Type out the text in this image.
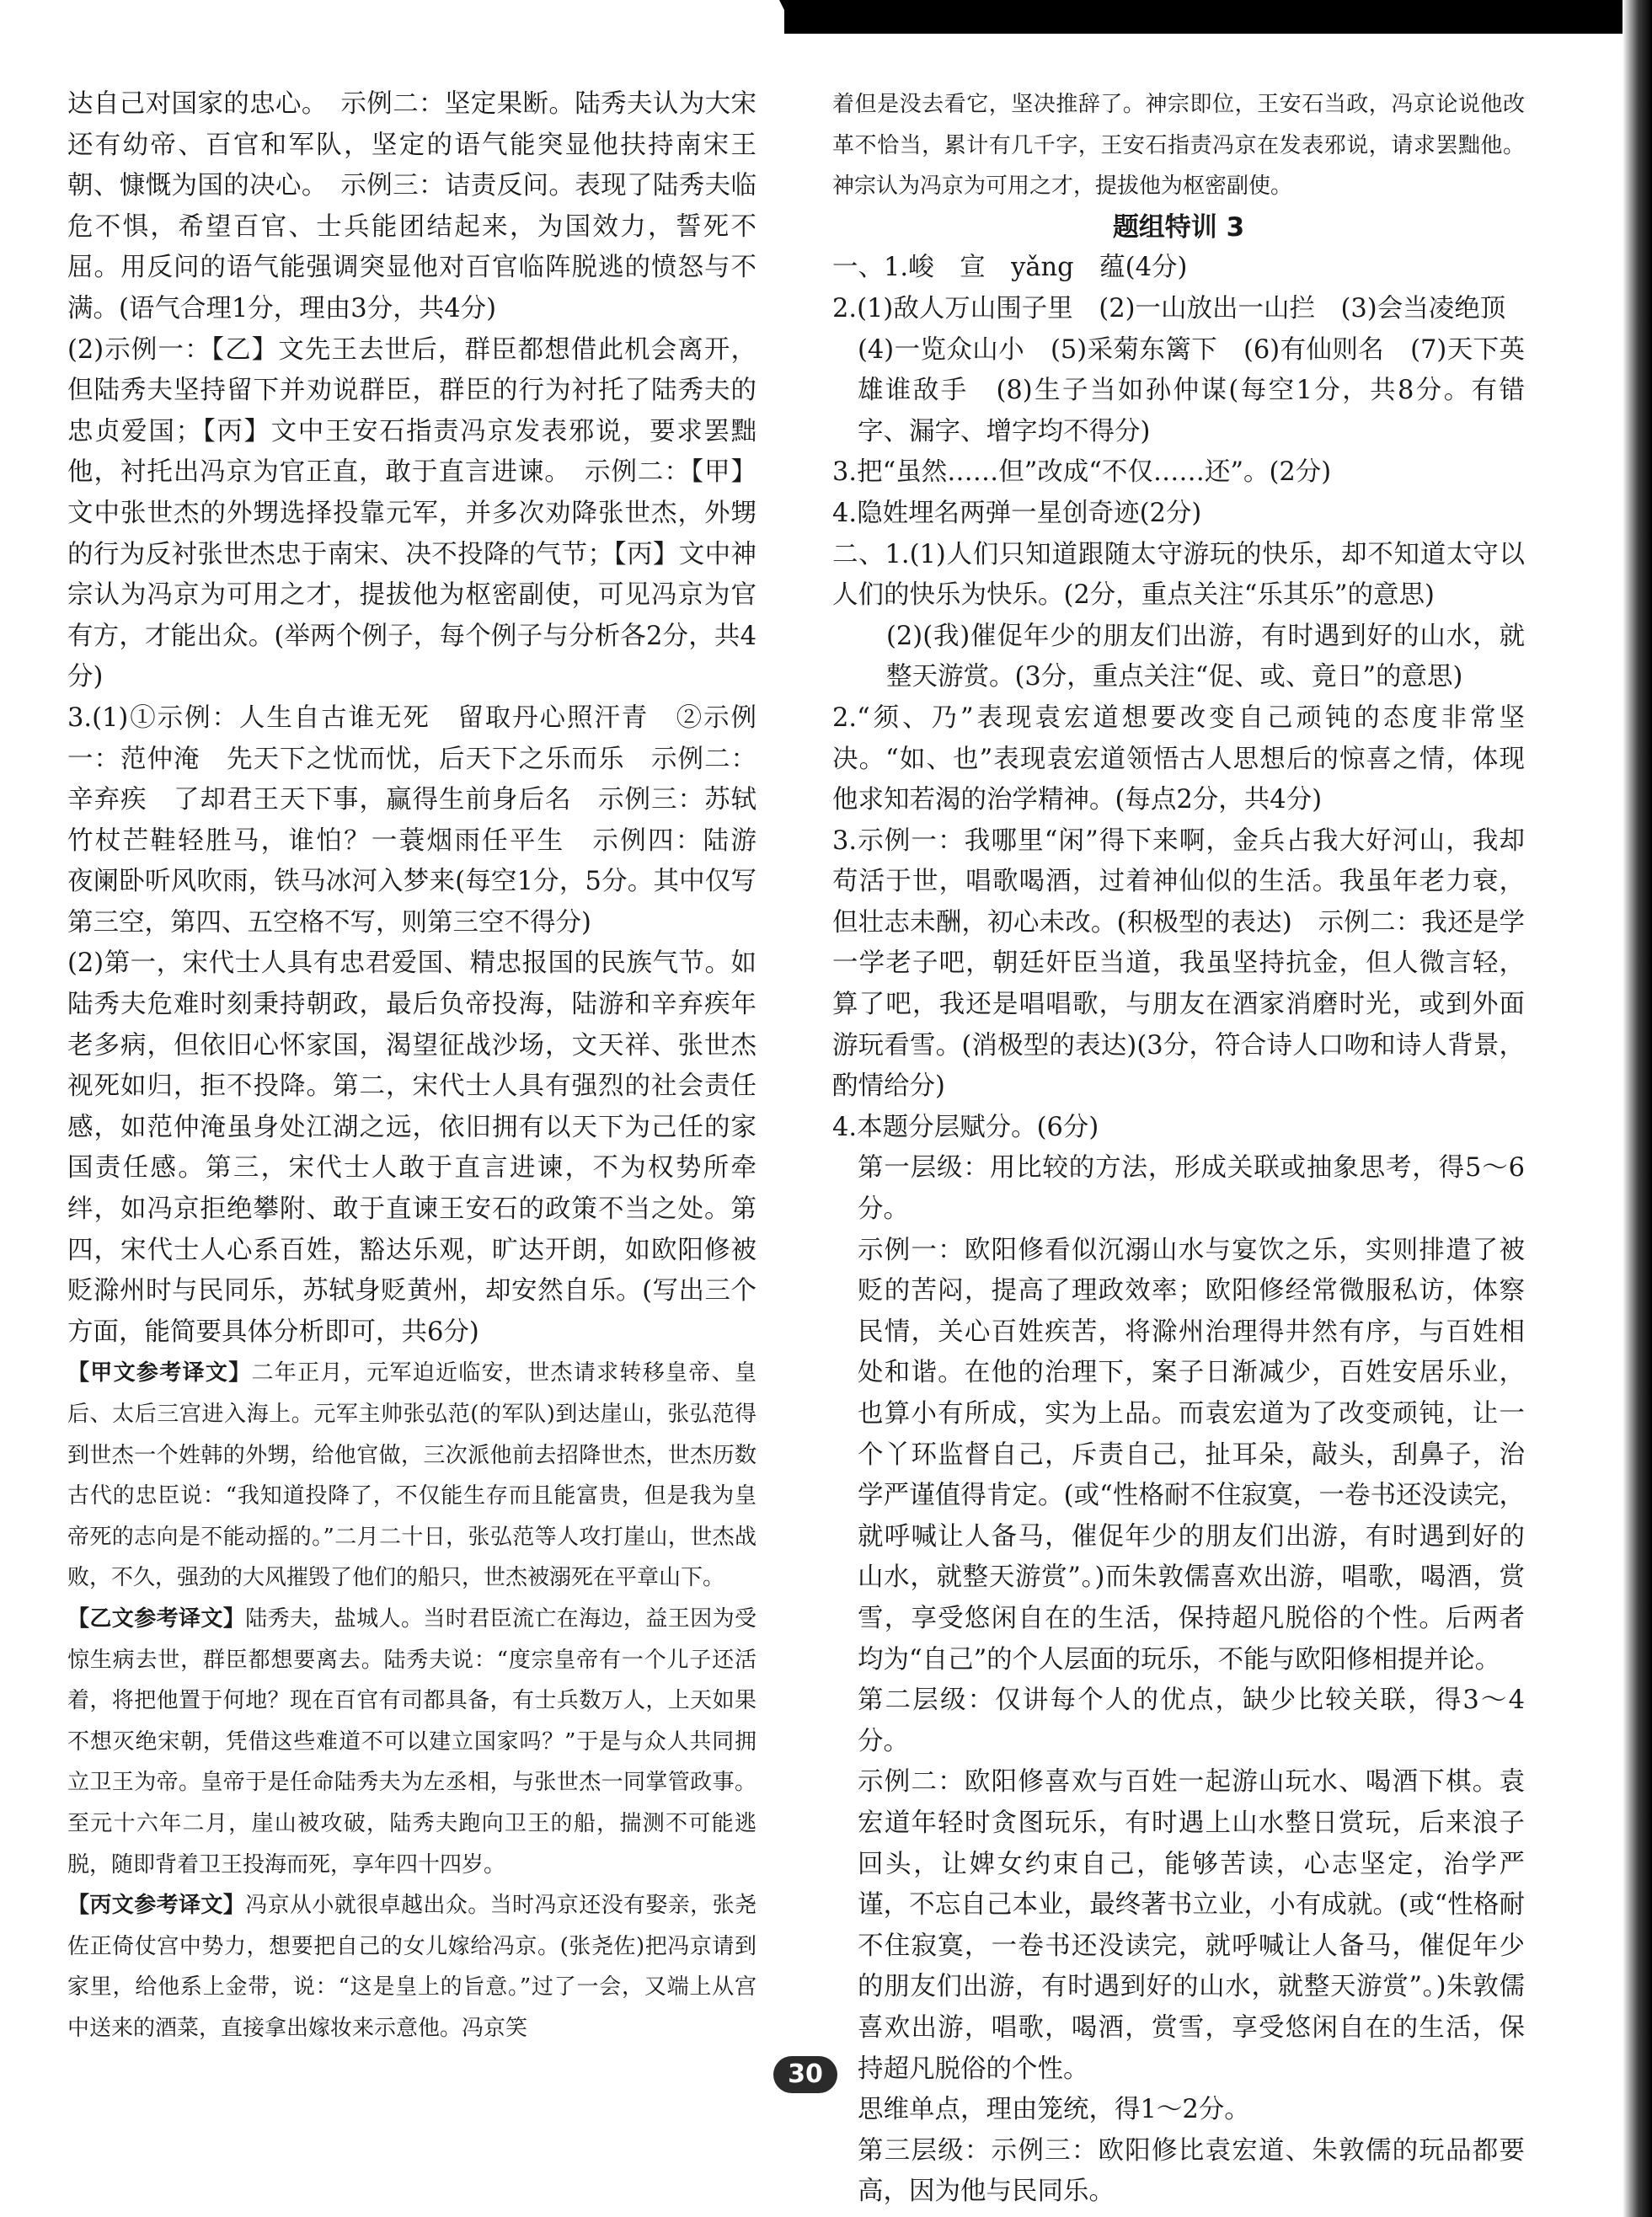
达自己对国家的忠心。　示例二：坚定果断。陆秀夫认为大宋还有幼帝、百官和军队，坚定的语气能突显他扶持南宋王朝、慷慨为国的决心。　示例三：诘责反问。表现了陆秀夫临危不惧，希望百官、士兵能团结起来，为国效力，誓死不屈。用反问的语气能强调突显他对百官临阵脱逃的愤怒与不满。(语气合理1分，理由3分，共4分)

(2)示例一：【乙】文先王去世后，群臣都想借此机会离开，但陆秀夫坚持留下并劝说群臣，群臣的行为衬托了陆秀夫的忠贞爱国；【丙】文中王安石指责冯京发表邪说，要求罢黜他，衬托出冯京为官正直，敢于直言进谏。　示例二：【甲】文中张世杰的外甥选择投靠元军，并多次劝降张世杰，外甥的行为反衬张世杰忠于南宋、决不投降的气节；【丙】文中神宗认为冯京为可用之才，提拔他为枢密副使，可见冯京为官有方，才能出众。(举两个例子，每个例子与分析各2分，共4分)

3.(1)①示例：人生自古谁无死　留取丹心照汗青　②示例一：范仲淹　先天下之忧而忧，后天下之乐而乐　示例二：辛弃疾　了却君王天下事，赢得生前身后名　示例三：苏轼　竹杖芒鞋轻胜马，谁怕？一蓑烟雨任平生　示例四：陆游　夜阑卧听风吹雨，铁马冰河入梦来(每空1分，5分。其中仅写第三空，第四、五空格不写，则第三空不得分)

(2)第一，宋代士人具有忠君爱国、精忠报国的民族气节。如陆秀夫危难时刻秉持朝政，最后负帝投海，陆游和辛弃疾年老多病，但依旧心怀家国，渴望征战沙场，文天祥、张世杰视死如归，拒不投降。第二，宋代士人具有强烈的社会责任感，如范仲淹虽身处江湖之远，依旧拥有以天下为己任的家国责任感。第三，宋代士人敢于直言进谏，不为权势所牵绊，如冯京拒绝攀附、敢于直谏王安石的政策不当之处。第四，宋代士人心系百姓，豁达乐观，旷达开朗，如欧阳修被贬滁州时与民同乐，苏轼身贬黄州，却安然自乐。(写出三个方面，能简要具体分析即可，共6分)

【甲文参考译文】二年正月，元军迫近临安，世杰请求转移皇帝、皇后、太后三宫进入海上。元军主帅张弘范(的军队)到达崖山，张弘范得到世杰一个姓韩的外甥，给他官做，三次派他前去招降世杰，世杰历数古代的忠臣说：“我知道投降了，不仅能生存而且能富贵，但是我为皇帝死的志向是不能动摇的。”二月二十日，张弘范等人攻打崖山，世杰战败，不久，强劲的大风摧毁了他们的船只，世杰被溺死在平章山下。

【乙文参考译文】陆秀夫，盐城人。当时君臣流亡在海边，益王因为受惊生病去世，群臣都想要离去。陆秀夫说：“度宗皇帝有一个儿子还活着，将把他置于何地？现在百官有司都具备，有士兵数万人，上天如果不想灭绝宋朝，凭借这些难道不可以建立国家吗？”于是与众人共同拥立卫王为帝。皇帝于是任命陆秀夫为左丞相，与张世杰一同掌管政事。至元十六年二月，崖山被攻破，陆秀夫跑向卫王的船，揣测不可能逃脱，随即背着卫王投海而死，享年四十四岁。

【丙文参考译文】冯京从小就很卓越出众。当时冯京还没有娶亲，张尧佐正倚仗宫中势力，想要把自己的女儿嫁给冯京。(张尧佐)把冯京请到家里，给他系上金带，说：“这是皇上的旨意。”过了一会，又端上从宫中送来的酒菜，直接拿出嫁妆来示意他。冯京笑

着但是没去看它，坚决推辞了。神宗即位，王安石当政，冯京论说他改革不恰当，累计有几千字，王安石指责冯京在发表邪说，请求罢黜他。神宗认为冯京为可用之才，提拔他为枢密副使。

题组特训 3

一、1.峻　宣　yǎng　蕴(4分)

2.(1)敌人万山围子里　(2)一山放出一山拦　(3)会当凌绝顶

(4)一览众山小　(5)采菊东篱下　(6)有仙则名　(7)天下英雄谁敌手　(8)生子当如孙仲谋(每空1分，共8分。有错字、漏字、增字均不得分)

3.把“虽然……但”改成“不仅……还”。(2分)

4.隐姓埋名两弹一星创奇迹(2分)

二、1.(1)人们只知道跟随太守游玩的快乐，却不知道太守以人们的快乐为快乐。(2分，重点关注“乐其乐”的意思)

(2)(我)催促年少的朋友们出游，有时遇到好的山水，就整天游赏。(3分，重点关注“促、或、竟日”的意思)

2.“须、乃”表现袁宏道想要改变自己顽钝的态度非常坚决。“如、也”表现袁宏道领悟古人思想后的惊喜之情，体现他求知若渴的治学精神。(每点2分，共4分)

3.示例一：我哪里“闲”得下来啊，金兵占我大好河山，我却苟活于世，唱歌喝酒，过着神仙似的生活。我虽年老力衰，但壮志未酬，初心未改。(积极型的表达)　示例二：我还是学一学老子吧，朝廷奸臣当道，我虽坚持抗金，但人微言轻，算了吧，我还是唱唱歌，与朋友在酒家消磨时光，或到外面游玩看雪。(消极型的表达)(3分，符合诗人口吻和诗人背景，酌情给分)

4.本题分层赋分。(6分)

第一层级：用比较的方法，形成关联或抽象思考，得5～6分。

示例一：欧阳修看似沉溺山水与宴饮之乐，实则排遣了被贬的苦闷，提高了理政效率；欧阳修经常微服私访，体察民情，关心百姓疾苦，将滁州治理得井然有序，与百姓相处和谐。在他的治理下，案子日渐减少，百姓安居乐业，也算小有所成，实为上品。而袁宏道为了改变顽钝，让一个丫环监督自己，斥责自己，扯耳朵，敲头，刮鼻子，治学严谨值得肯定。(或“性格耐不住寂寞，一卷书还没读完，就呼喊让人备马，催促年少的朋友们出游，有时遇到好的山水，就整天游赏”。)而朱敦儒喜欢出游，唱歌，喝酒，赏雪，享受悠闲自在的生活，保持超凡脱俗的个性。后两者均为“自己”的个人层面的玩乐，不能与欧阳修相提并论。

第二层级：仅讲每个人的优点，缺少比较关联，得3～4分。

示例二：欧阳修喜欢与百姓一起游山玩水、喝酒下棋。袁宏道年轻时贪图玩乐，有时遇上山水整日赏玩，后来浪子回头，让婢女约束自己，能够苦读，心志坚定，治学严谨，不忘自己本业，最终著书立业，小有成就。(或“性格耐不住寂寞，一卷书还没读完，就呼喊让人备马，催促年少的朋友们出游，有时遇到好的山水，就整天游赏”。)朱敦儒喜欢出游，唱歌，喝酒，赏雪，享受悠闲自在的生活，保持超凡脱俗的个性。

思维单点，理由笼统，得1～2分。

第三层级：示例三：欧阳修比袁宏道、朱敦儒的玩品都要高，因为他与民同乐。

30
